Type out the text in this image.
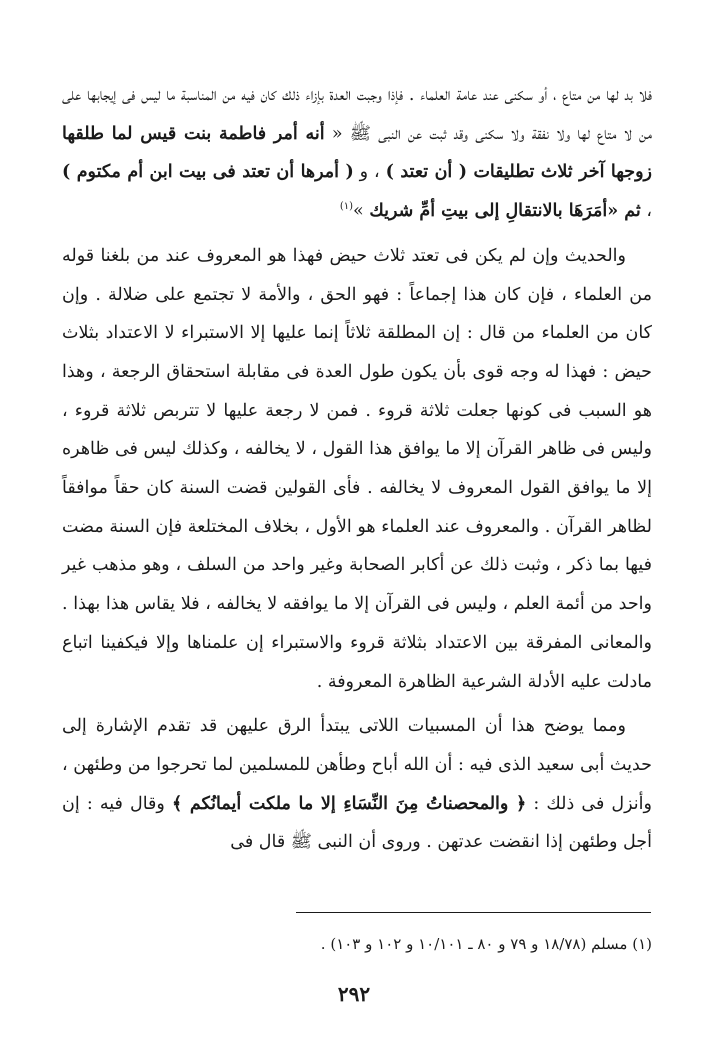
فلا بد لها من متاع ، أو سكنى عند عامة العلماء . فإذا وجبت العدة بإزاء ذلك كان فيه من المناسبة ما ليس فى إيجابها على من لا متاع لها ولا نفقة ولا سكنى وقد ثبت عن النبى ﷺ « أنه أمر فاطمة بنت قيس لما طلقها زوجها آخر ثلاث تطليقات ( أن تعتد ) ، و ( أمرها أن تعتد فى بيت ابن أم مكتوم ) ، ثم «أمَرَهَا بالانتقالِ إلى بيتِ أمِّ شريك »$^{(١)}$

والحديث وإن لم يكن فى تعتد ثلاث حيض فهذا هو المعروف عند من بلغنا قوله من العلماء ، فإن كان هذا إجماعاً : فهو الحق ، والأمة لا تجتمع على ضلالة . وإن كان من العلماء من قال : إن المطلقة ثلاثاً إنما عليها إلا الاستبراء لا الاعتداد بثلاث حيض : فهذا له وجه قوى بأن يكون طول العدة فى مقابلة استحقاق الرجعة ، وهذا هو السبب فى كونها جعلت ثلاثة قروء . فمن لا رجعة عليها لا تتربص ثلاثة قروء ، وليس فى ظاهر القرآن إلا ما يوافق هذا القول ، لا يخالفه ، وكذلك ليس فى ظاهره إلا ما يوافق القول المعروف لا يخالفه . فأى القولين قضت السنة كان حقاً موافقاً لظاهر القرآن . والمعروف عند العلماء هو الأول ، بخلاف المختلعة فإن السنة مضت فيها بما ذكر ، وثبت ذلك عن أكابر الصحابة وغير واحد من السلف ، وهو مذهب غير واحد من أئمة العلم ، وليس فى القرآن إلا ما يوافقه لا يخالفه ، فلا يقاس هذا بهذا . والمعانى المفرقة بين الاعتداد بثلاثة قروء والاستبراء إن علمناها وإلا فيكفينا اتباع مادلت عليه الأدلة الشرعية الظاهرة المعروفة .

ومما يوضح هذا أن المسبيات اللاتى يبتدأ الرق عليهن قد تقدم الإشارة إلى حديث أبى سعيد الذى فيه : أن الله أباح وطأهن للمسلمين لما تحرجوا من وطئهن ، وأنزل فى ذلك : ﴿ والمحصناتُ مِنَ النِّسَاءِ إلا ما ملكت أيمانُكم ﴾ وقال فيه : إن أجل وطئهن إذا انقضت عدتهن . وروى أن النبى ﷺ قال فى

(١) مسلم (١٨/٧٨ و ٧٩ و ٨٠ ـ ١٠/١٠١ و ١٠٢ و ١٠٣) .
٢٩٢
